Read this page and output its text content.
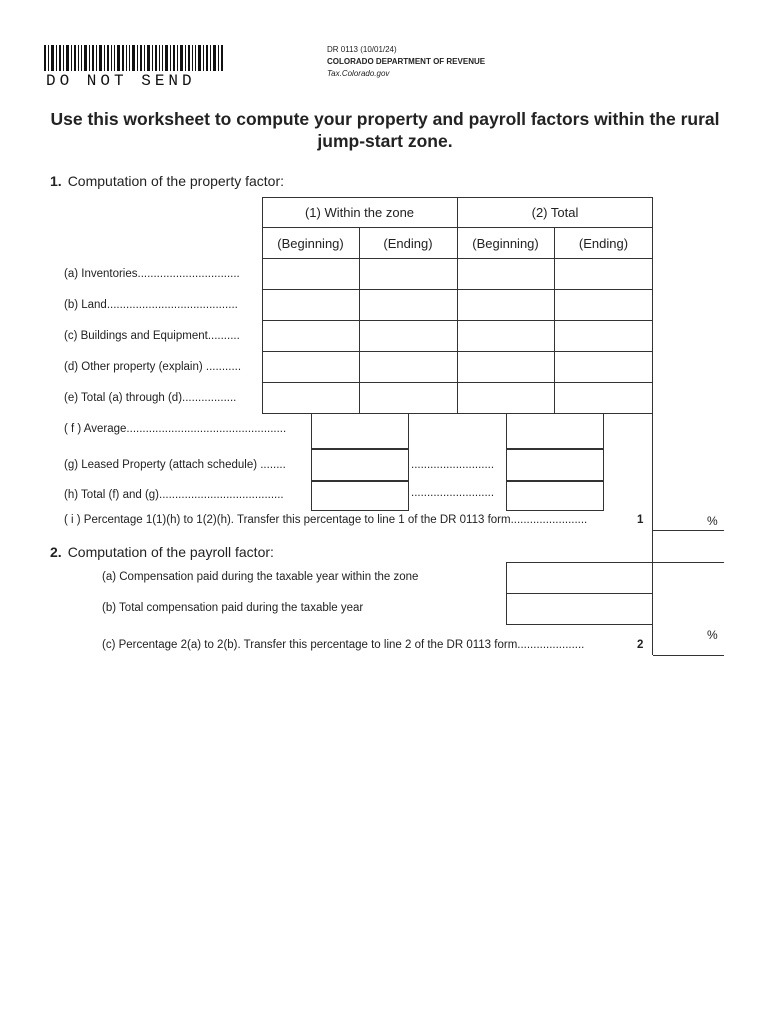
DO NOT SEND
DR 0113 (10/01/24)
COLORADO DEPARTMENT OF REVENUE
Tax.Colorado.gov
Use this worksheet to compute your property and payroll factors within the rural jump-start zone.
1. Computation of the property factor:
(1) Within the zone	(2) Total
(Beginning)	(Ending)	(Beginning)	(Ending)
(a) Inventories................................
(b) Land.........................................
(c) Buildings and Equipment..........
(d) Other property (explain) ...........
(e) Total (a) through (d).................
( f ) Average..................................................
(g) Leased Property (attach schedule) ........	..........................
(h) Total (f) and (g).......................................	..........................
( i ) Percentage 1(1)(h) to 1(2)(h). Transfer this percentage to line 1 of the DR 0113 form........................	1	%
2. Computation of the payroll factor:
(a) Compensation paid during the taxable year within the zone
(b) Total compensation paid during the taxable year
(c) Percentage 2(a) to 2(b). Transfer this percentage to line 2 of the DR 0113 form.....................	2
%
